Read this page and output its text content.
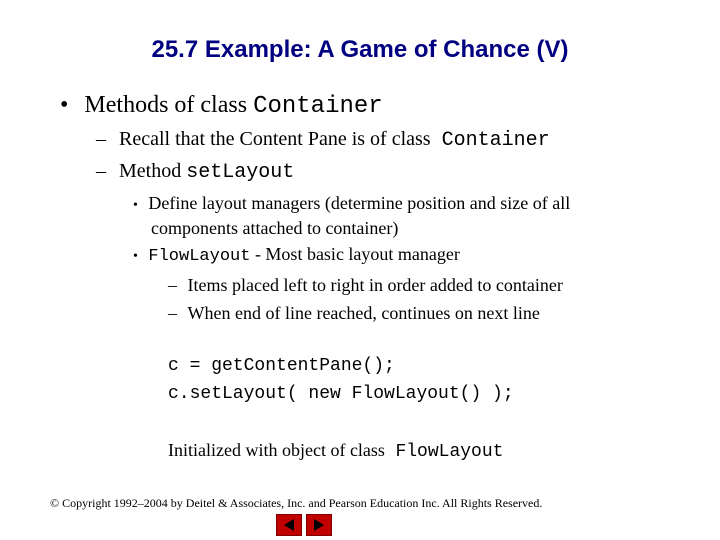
25.7 Example: A Game of Chance (V)
• Methods of class Container
– Recall that the Content Pane is of class Container
– Method setLayout
• Define layout managers (determine position and size of all
components attached to container)
• FlowLayout - Most basic layout manager
– Items placed left to right in order added to container
– When end of line reached, continues on next line
c = getContentPane();
c.setLayout( new FlowLayout() );
Initialized with object of class FlowLayout
© Copyright 1992–2004 by Deitel & Associates, Inc. and Pearson Education Inc. All Rights Reserved.
